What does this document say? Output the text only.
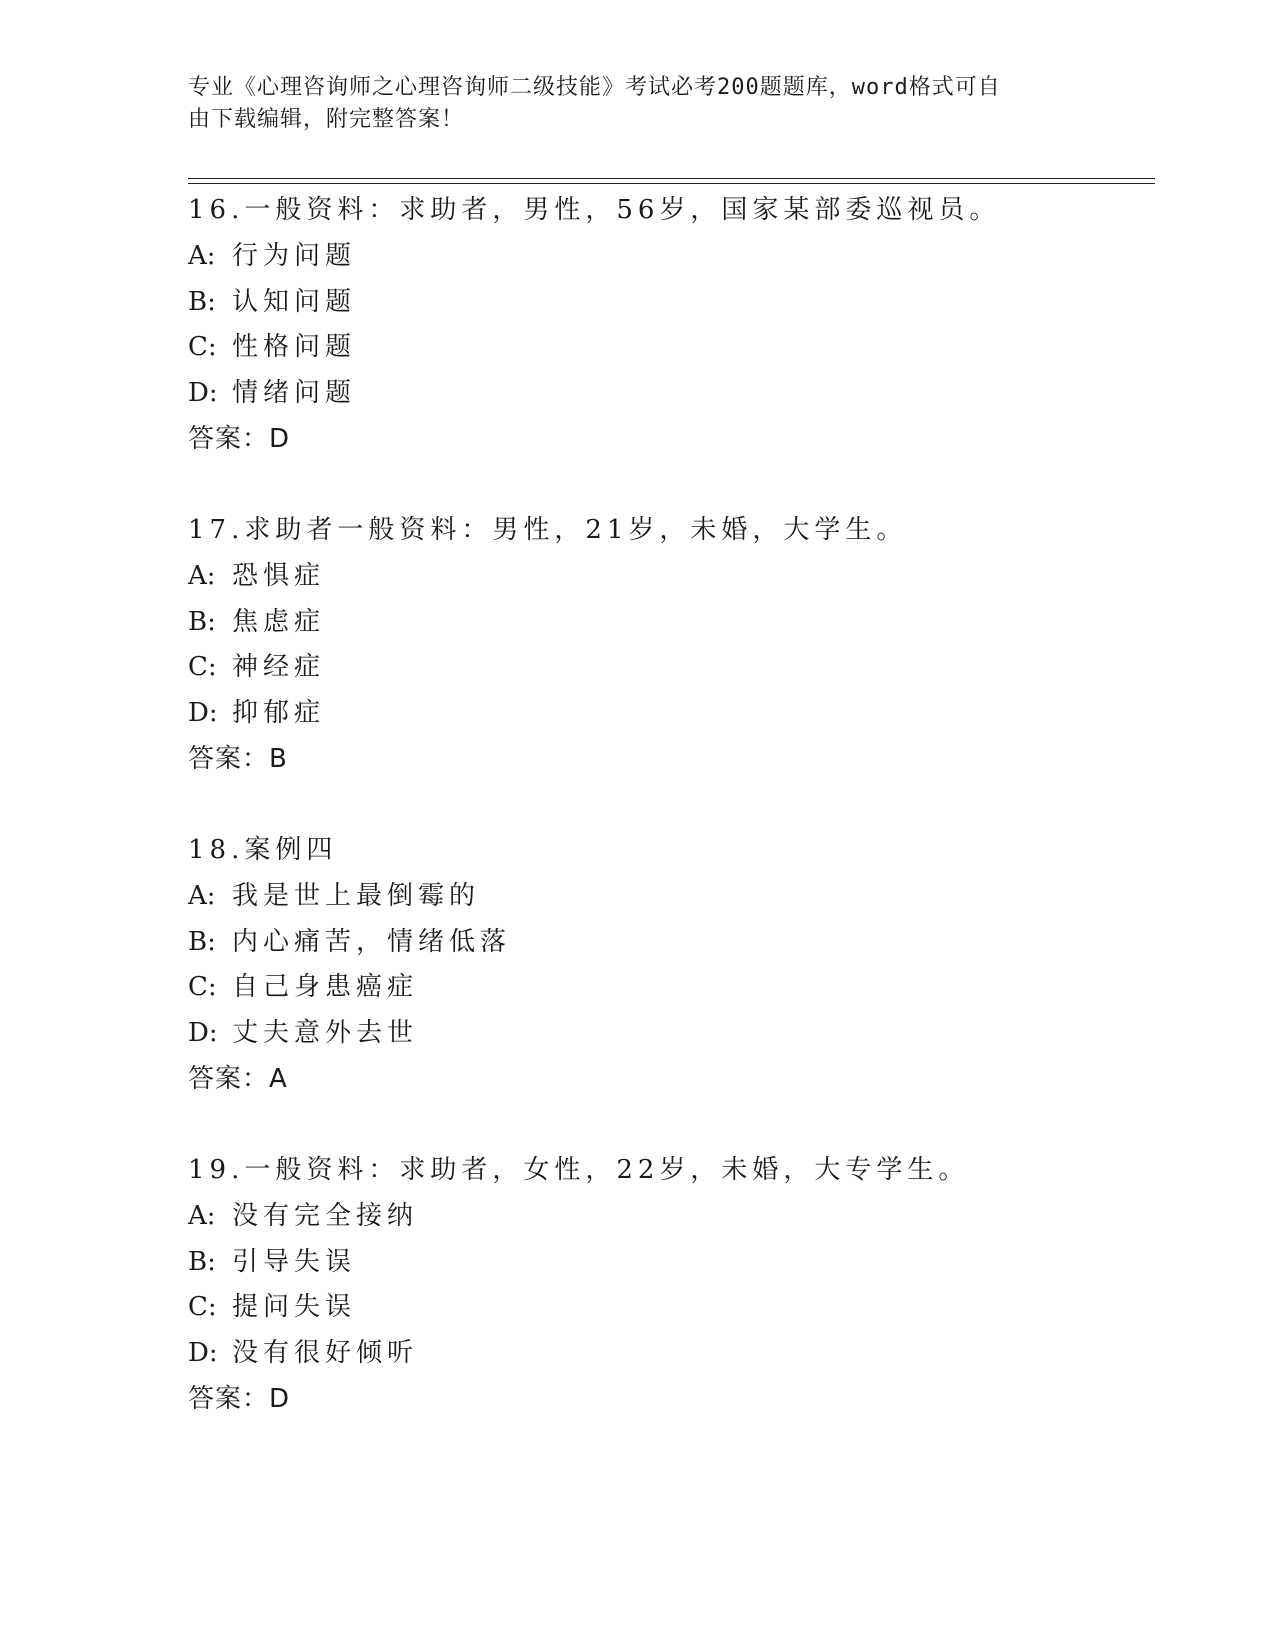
专业《心理咨询师之心理咨询师二级技能》考试必考200题题库，word格式可自
由下载编辑，附完整答案！
16.一般资料：求助者，男性，56岁，国家某部委巡视员。
A: 行为问题
B: 认知问题
C: 性格问题
D: 情绪问题
答案：D
17.求助者一般资料：男性，21岁，未婚，大学生。
A: 恐惧症
B: 焦虑症
C: 神经症
D: 抑郁症
答案：B
18.案例四
A: 我是世上最倒霉的
B: 内心痛苦，情绪低落
C: 自己身患癌症
D: 丈夫意外去世
答案：A
19.一般资料：求助者，女性，22岁，未婚，大专学生。
A: 没有完全接纳
B: 引导失误
C: 提问失误
D: 没有很好倾听
答案：D
